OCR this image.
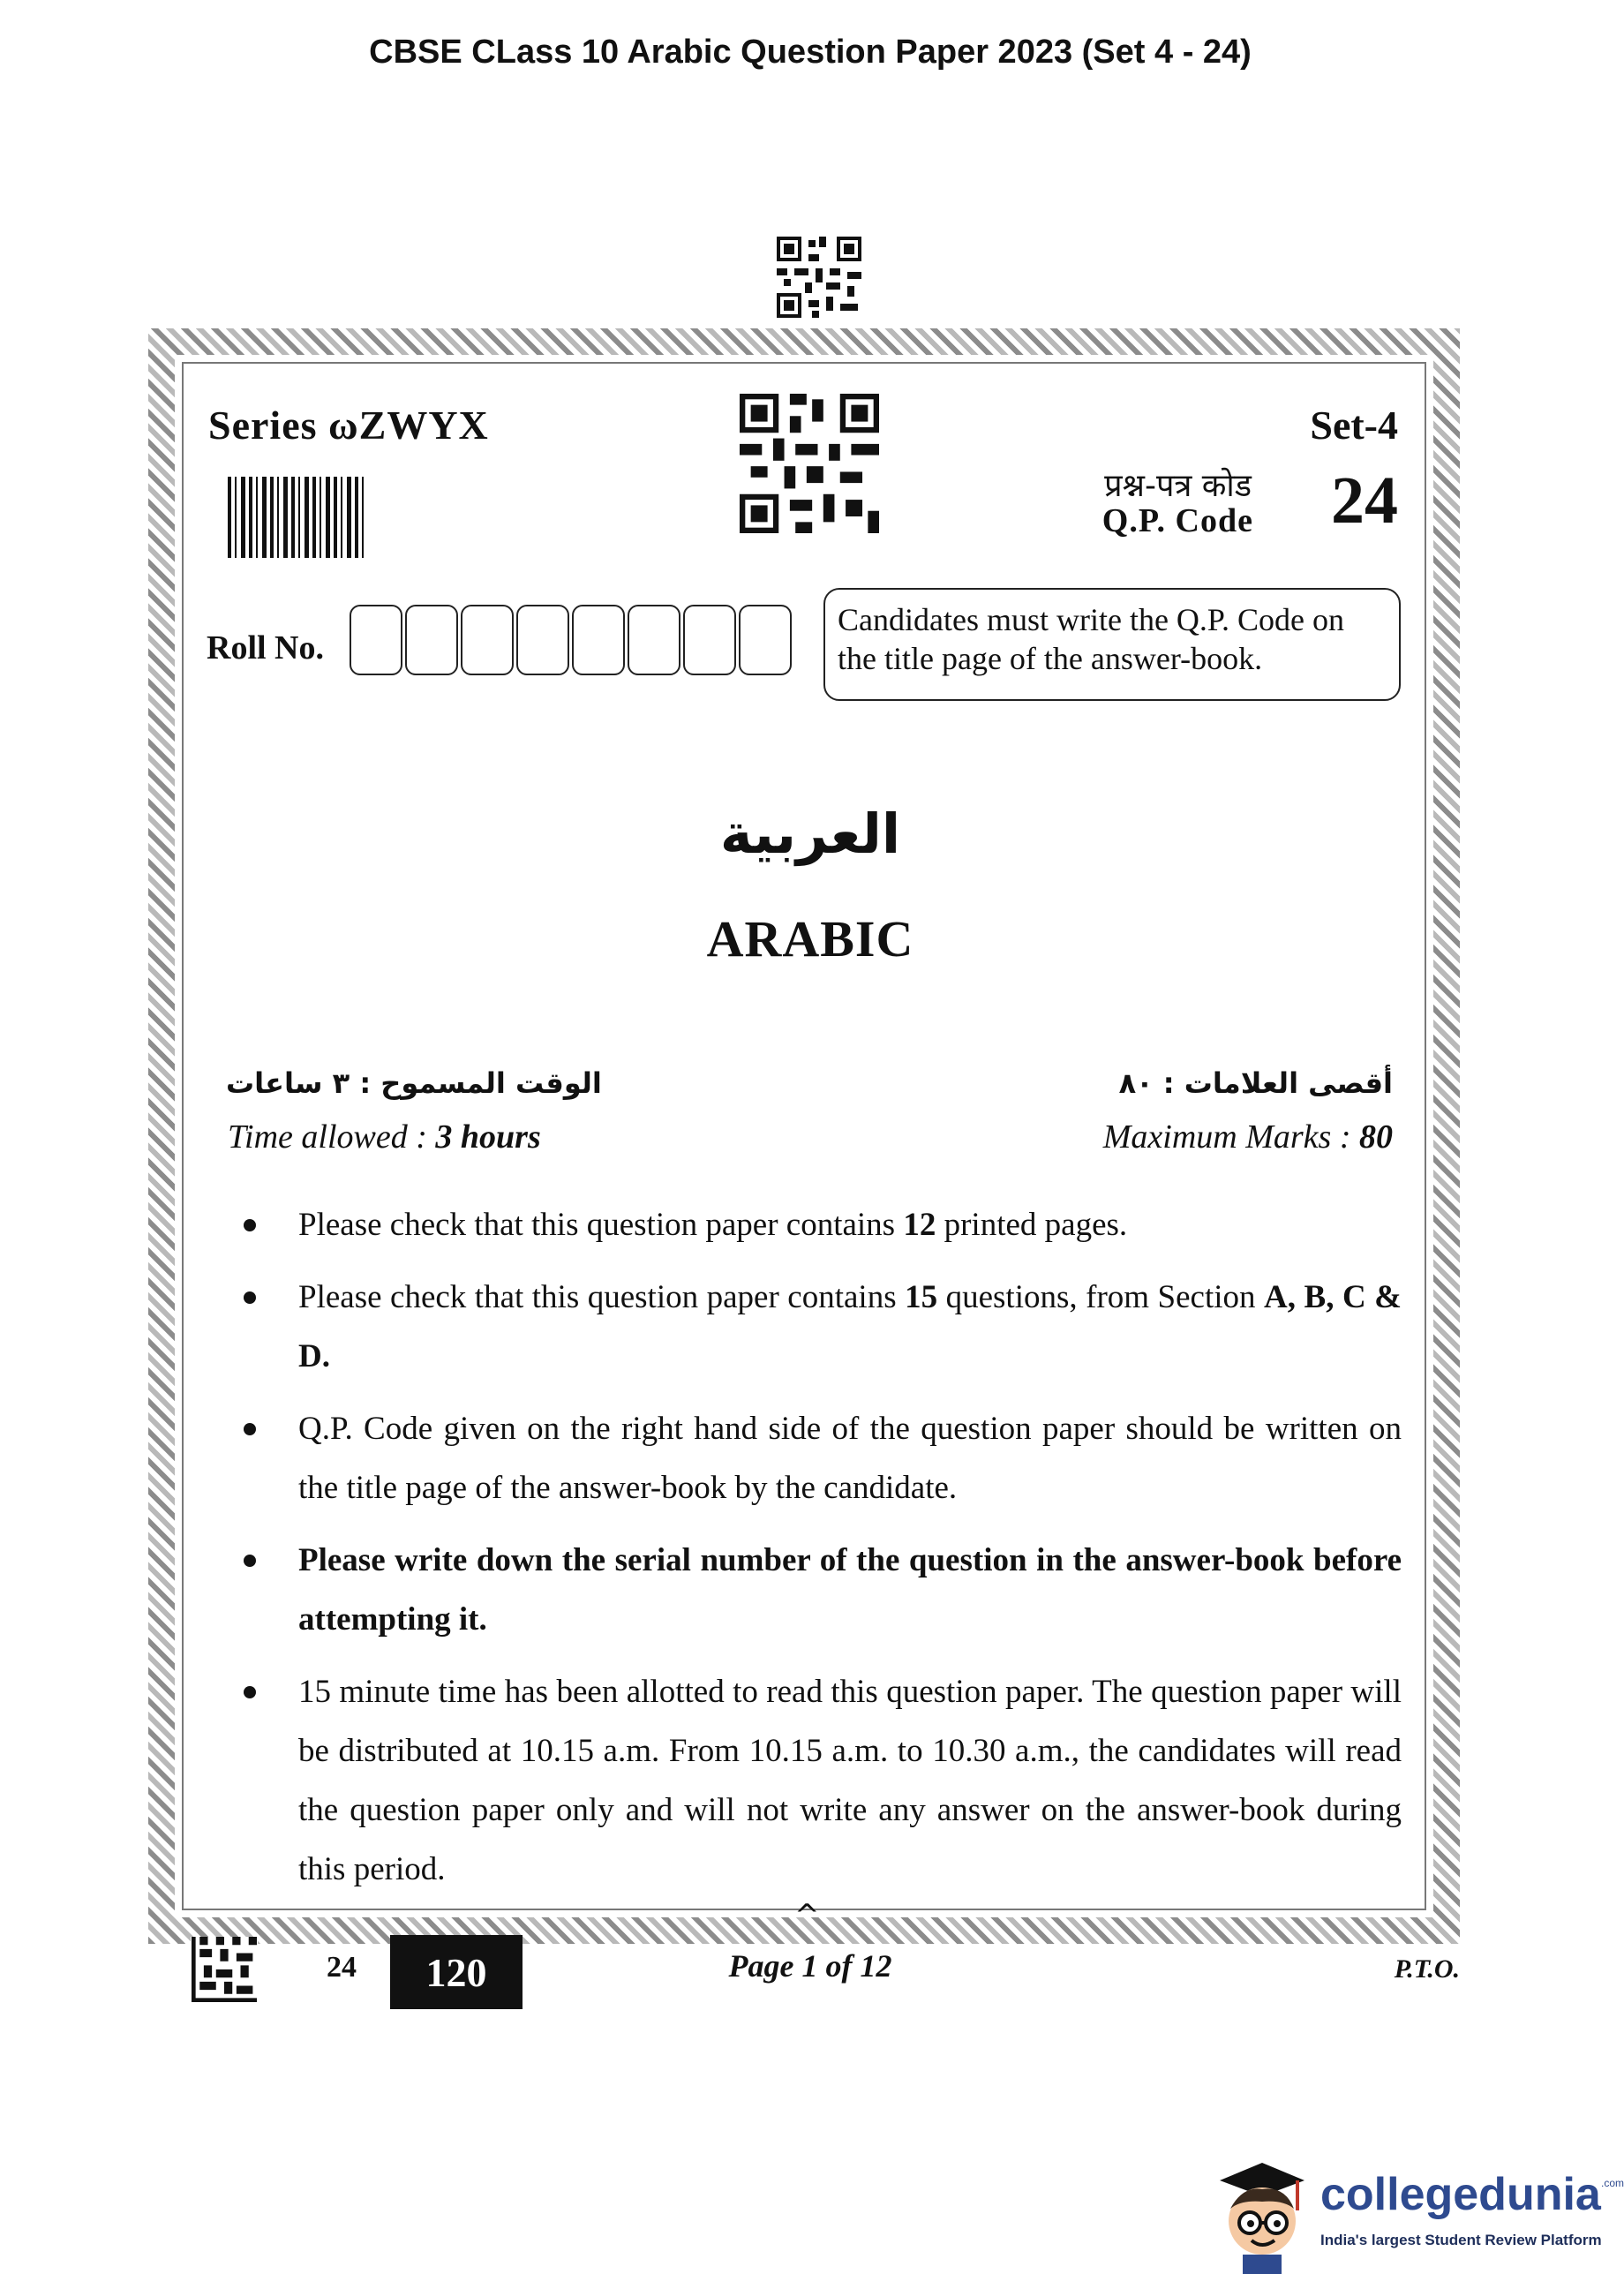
CBSE CLass 10 Arabic Question Paper 2023 (Set 4 - 24)
Series ωZWYX	Set-4
प्रश्न-पत्र कोड
Q.P. Code 24
Roll No.
Candidates must write the Q.P. Code on the title page of the answer-book.
العربية
ARABIC
الوقت المسموح : ٣ ساعات	أقصى العلامات : ٨٠
Time allowed : 3 hours	Maximum Marks : 80
Please check that this question paper contains 12 printed pages.
Please check that this question paper contains 15 questions, from Section A, B, C & D.
Q.P. Code given on the right hand side of the question paper should be written on the title page of the answer-book by the candidate.
Please write down the serial number of the question in the answer-book before attempting it.
15 minute time has been allotted to read this question paper. The question paper will be distributed at 10.15 a.m. From 10.15 a.m. to 10.30 a.m., the candidates will read the question paper only and will not write any answer on the answer-book during this period.
^
24	120	Page 1 of 12	P.T.O.
collegedunia .com
India's largest Student Review Platform
